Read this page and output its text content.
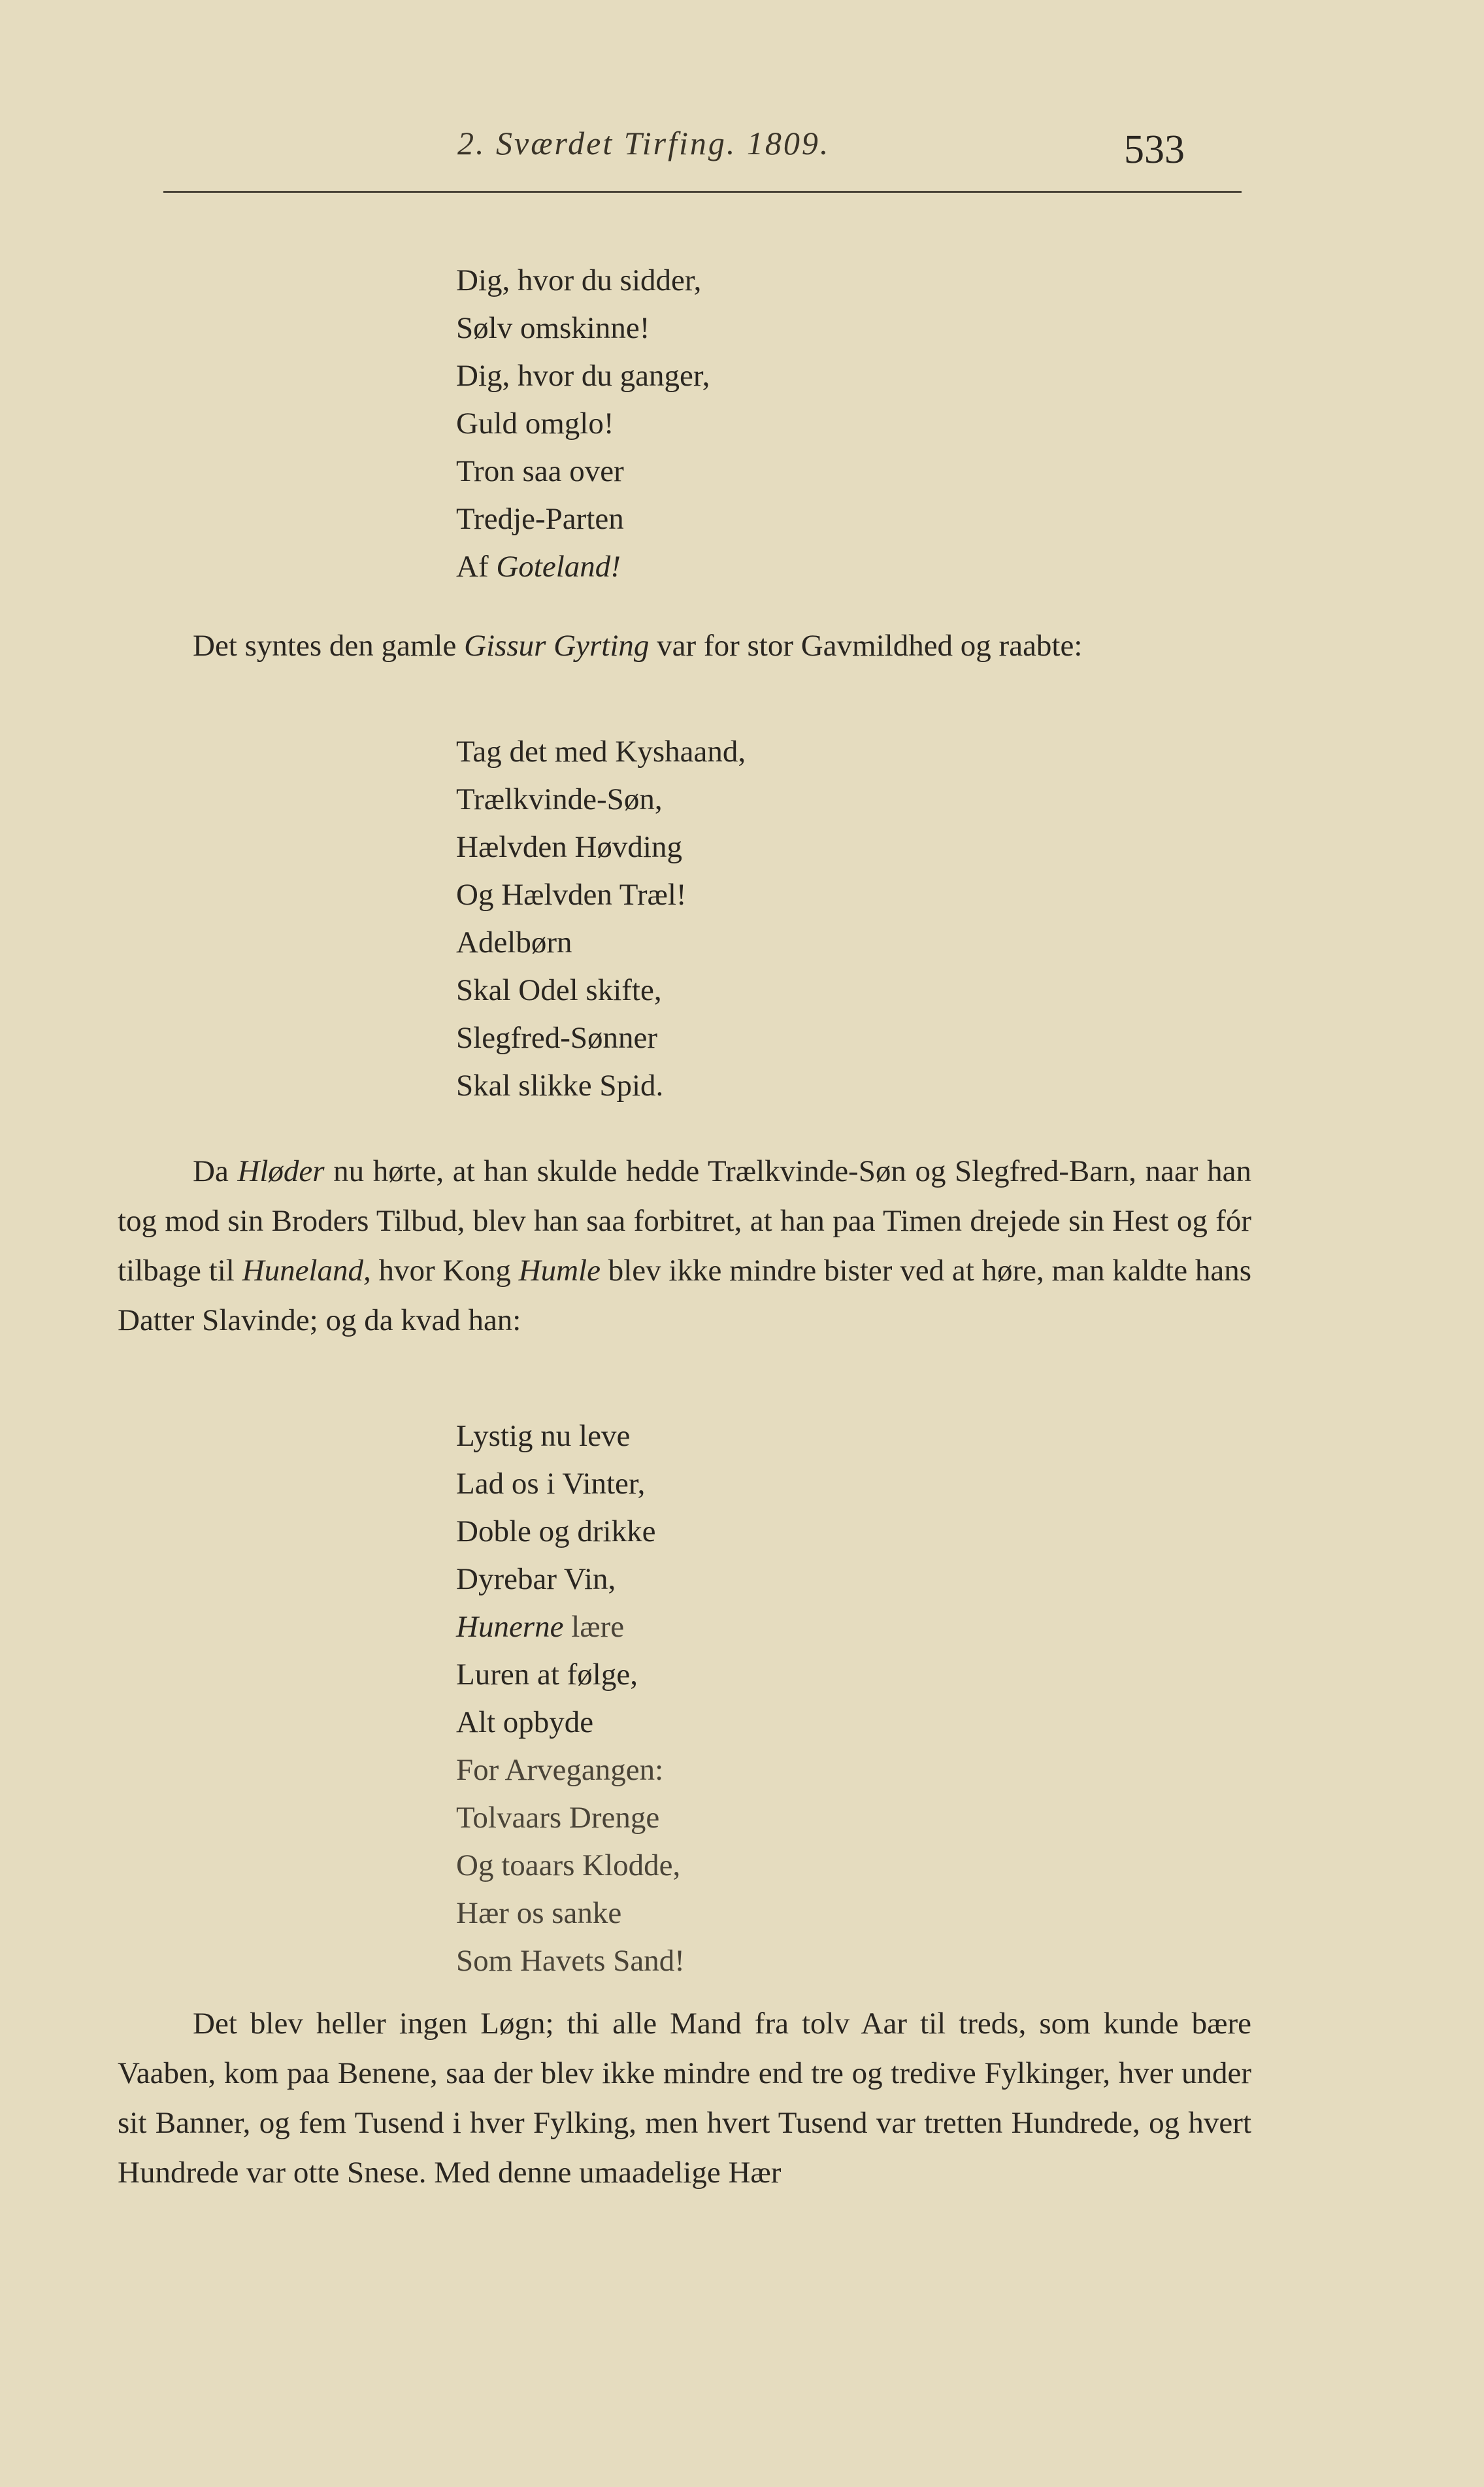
2. Sværdet Tirfing. 1809.	533
Dig, hvor du sidder,
Sølv omskinne!
Dig, hvor du ganger,
Guld omglo!
Tron saa over
Tredje-Parten
Af Goteland!

Det syntes den gamle Gissur Gyrting var for stor Gavmildhed og raabte:

Tag det med Kyshaand,
Trælkvinde-Søn,
Hælvden Høvding
Og Hælvden Træl!
Adelbørn
Skal Odel skifte,
Slegfred-Sønner
Skal slikke Spid.

Da Hløder nu hørte, at han skulde hedde Trælkvinde-Søn og Slegfred-Barn, naar han tog mod sin Broders Tilbud, blev han saa forbitret, at han paa Timen drejede sin Hest og fór tilbage til Huneland, hvor Kong Humle blev ikke mindre bister ved at høre, man kaldte hans Datter Slavinde; og da kvad han:

Lystig nu leve
Lad os i Vinter,
Doble og drikke
Dyrebar Vin,
Hunerne lære
Luren at følge,
Alt opbyde
For Arvegangen:
Tolvaars Drenge
Og toaars Klodde,
Hær os sanke
Som Havets Sand!

Det blev heller ingen Løgn; thi alle Mand fra tolv Aar til treds, som kunde bære Vaaben, kom paa Benene, saa der blev ikke mindre end tre og tredive Fylkinger, hver under sit Banner, og fem Tusend i hver Fylking, men hvert Tusend var tretten Hundrede, og hvert Hundrede var otte Snese. Med denne umaadelige Hær
